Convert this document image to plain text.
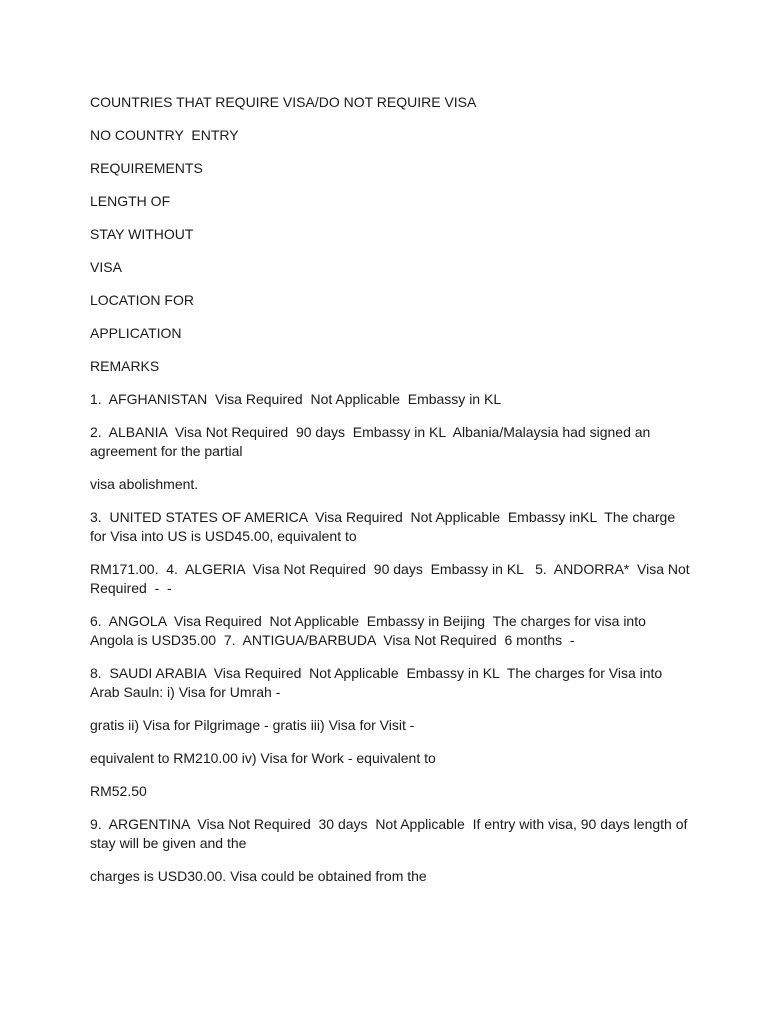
COUNTRIES THAT REQUIRE VISA/DO NOT REQUIRE VISA

NO COUNTRY  ENTRY

REQUIREMENTS

LENGTH OF

STAY WITHOUT

VISA

LOCATION FOR

APPLICATION

REMARKS

1.  AFGHANISTAN  Visa Required  Not Applicable  Embassy in KL

2.  ALBANIA  Visa Not Required  90 days  Embassy in KL  Albania/Malaysia had signed an agreement for the partial

visa abolishment.

3.  UNITED STATES OF AMERICA  Visa Required  Not Applicable  Embassy inKL  The charge for Visa into US is USD45.00, equivalent to

RM171.00.  4.  ALGERIA  Visa Not Required  90 days  Embassy in KL   5.  ANDORRA*  Visa Not Required  -  -

6.  ANGOLA  Visa Required  Not Applicable  Embassy in Beijing  The charges for visa into Angola is USD35.00  7.  ANTIGUA/BARBUDA  Visa Not Required  6 months  -

8.  SAUDI ARABIA  Visa Required  Not Applicable  Embassy in KL  The charges for Visa into Arab Sauln: i) Visa for Umrah -

gratis ii) Visa for Pilgrimage - gratis iii) Visa for Visit -

equivalent to RM210.00 iv) Visa for Work - equivalent to

RM52.50

9.  ARGENTINA  Visa Not Required  30 days  Not Applicable  If entry with visa, 90 days length of stay will be given and the

charges is USD30.00. Visa could be obtained from the
